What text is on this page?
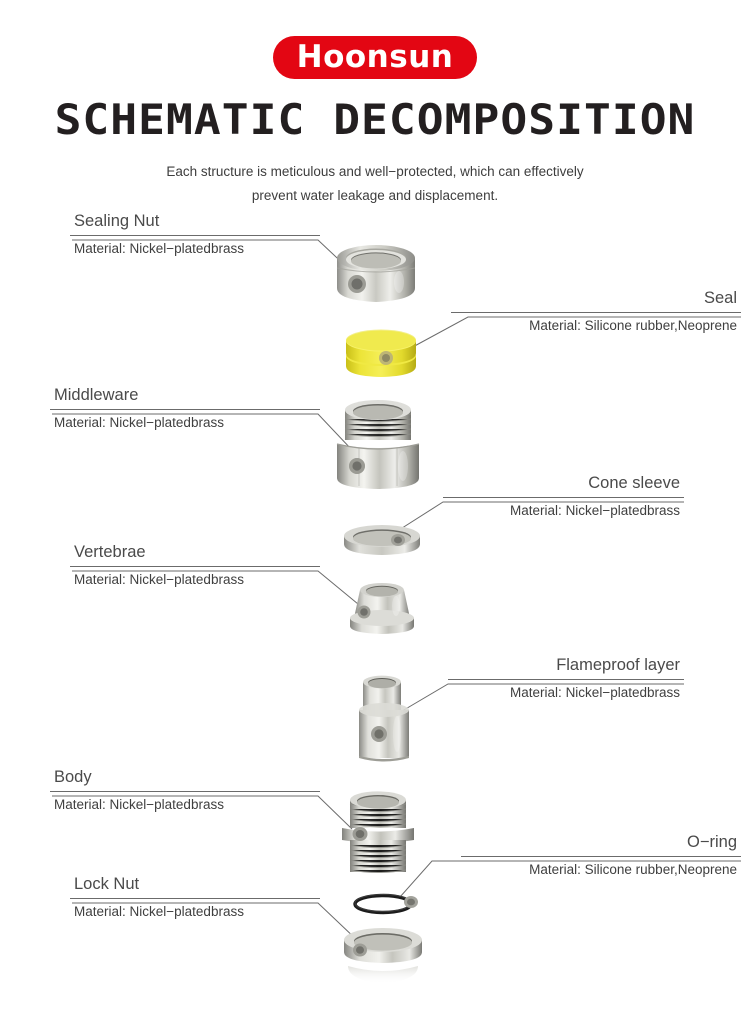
Hoonsun
SCHEMATIC DECOMPOSITION
Each structure is meticulous and well−protected, which can effectively
prevent water leakage and displacement.
Sealing Nut
Material: Nickel−platedbrass
Seal
Material: Silicone rubber,Neoprene
Middleware
Material: Nickel−platedbrass
Cone sleeve
Material: Nickel−platedbrass
Vertebrae
Material: Nickel−platedbrass
Flameproof layer
Material: Nickel−platedbrass
Body
Material: Nickel−platedbrass
O−ring
Material: Silicone rubber,Neoprene
Lock Nut
Material: Nickel−platedbrass
